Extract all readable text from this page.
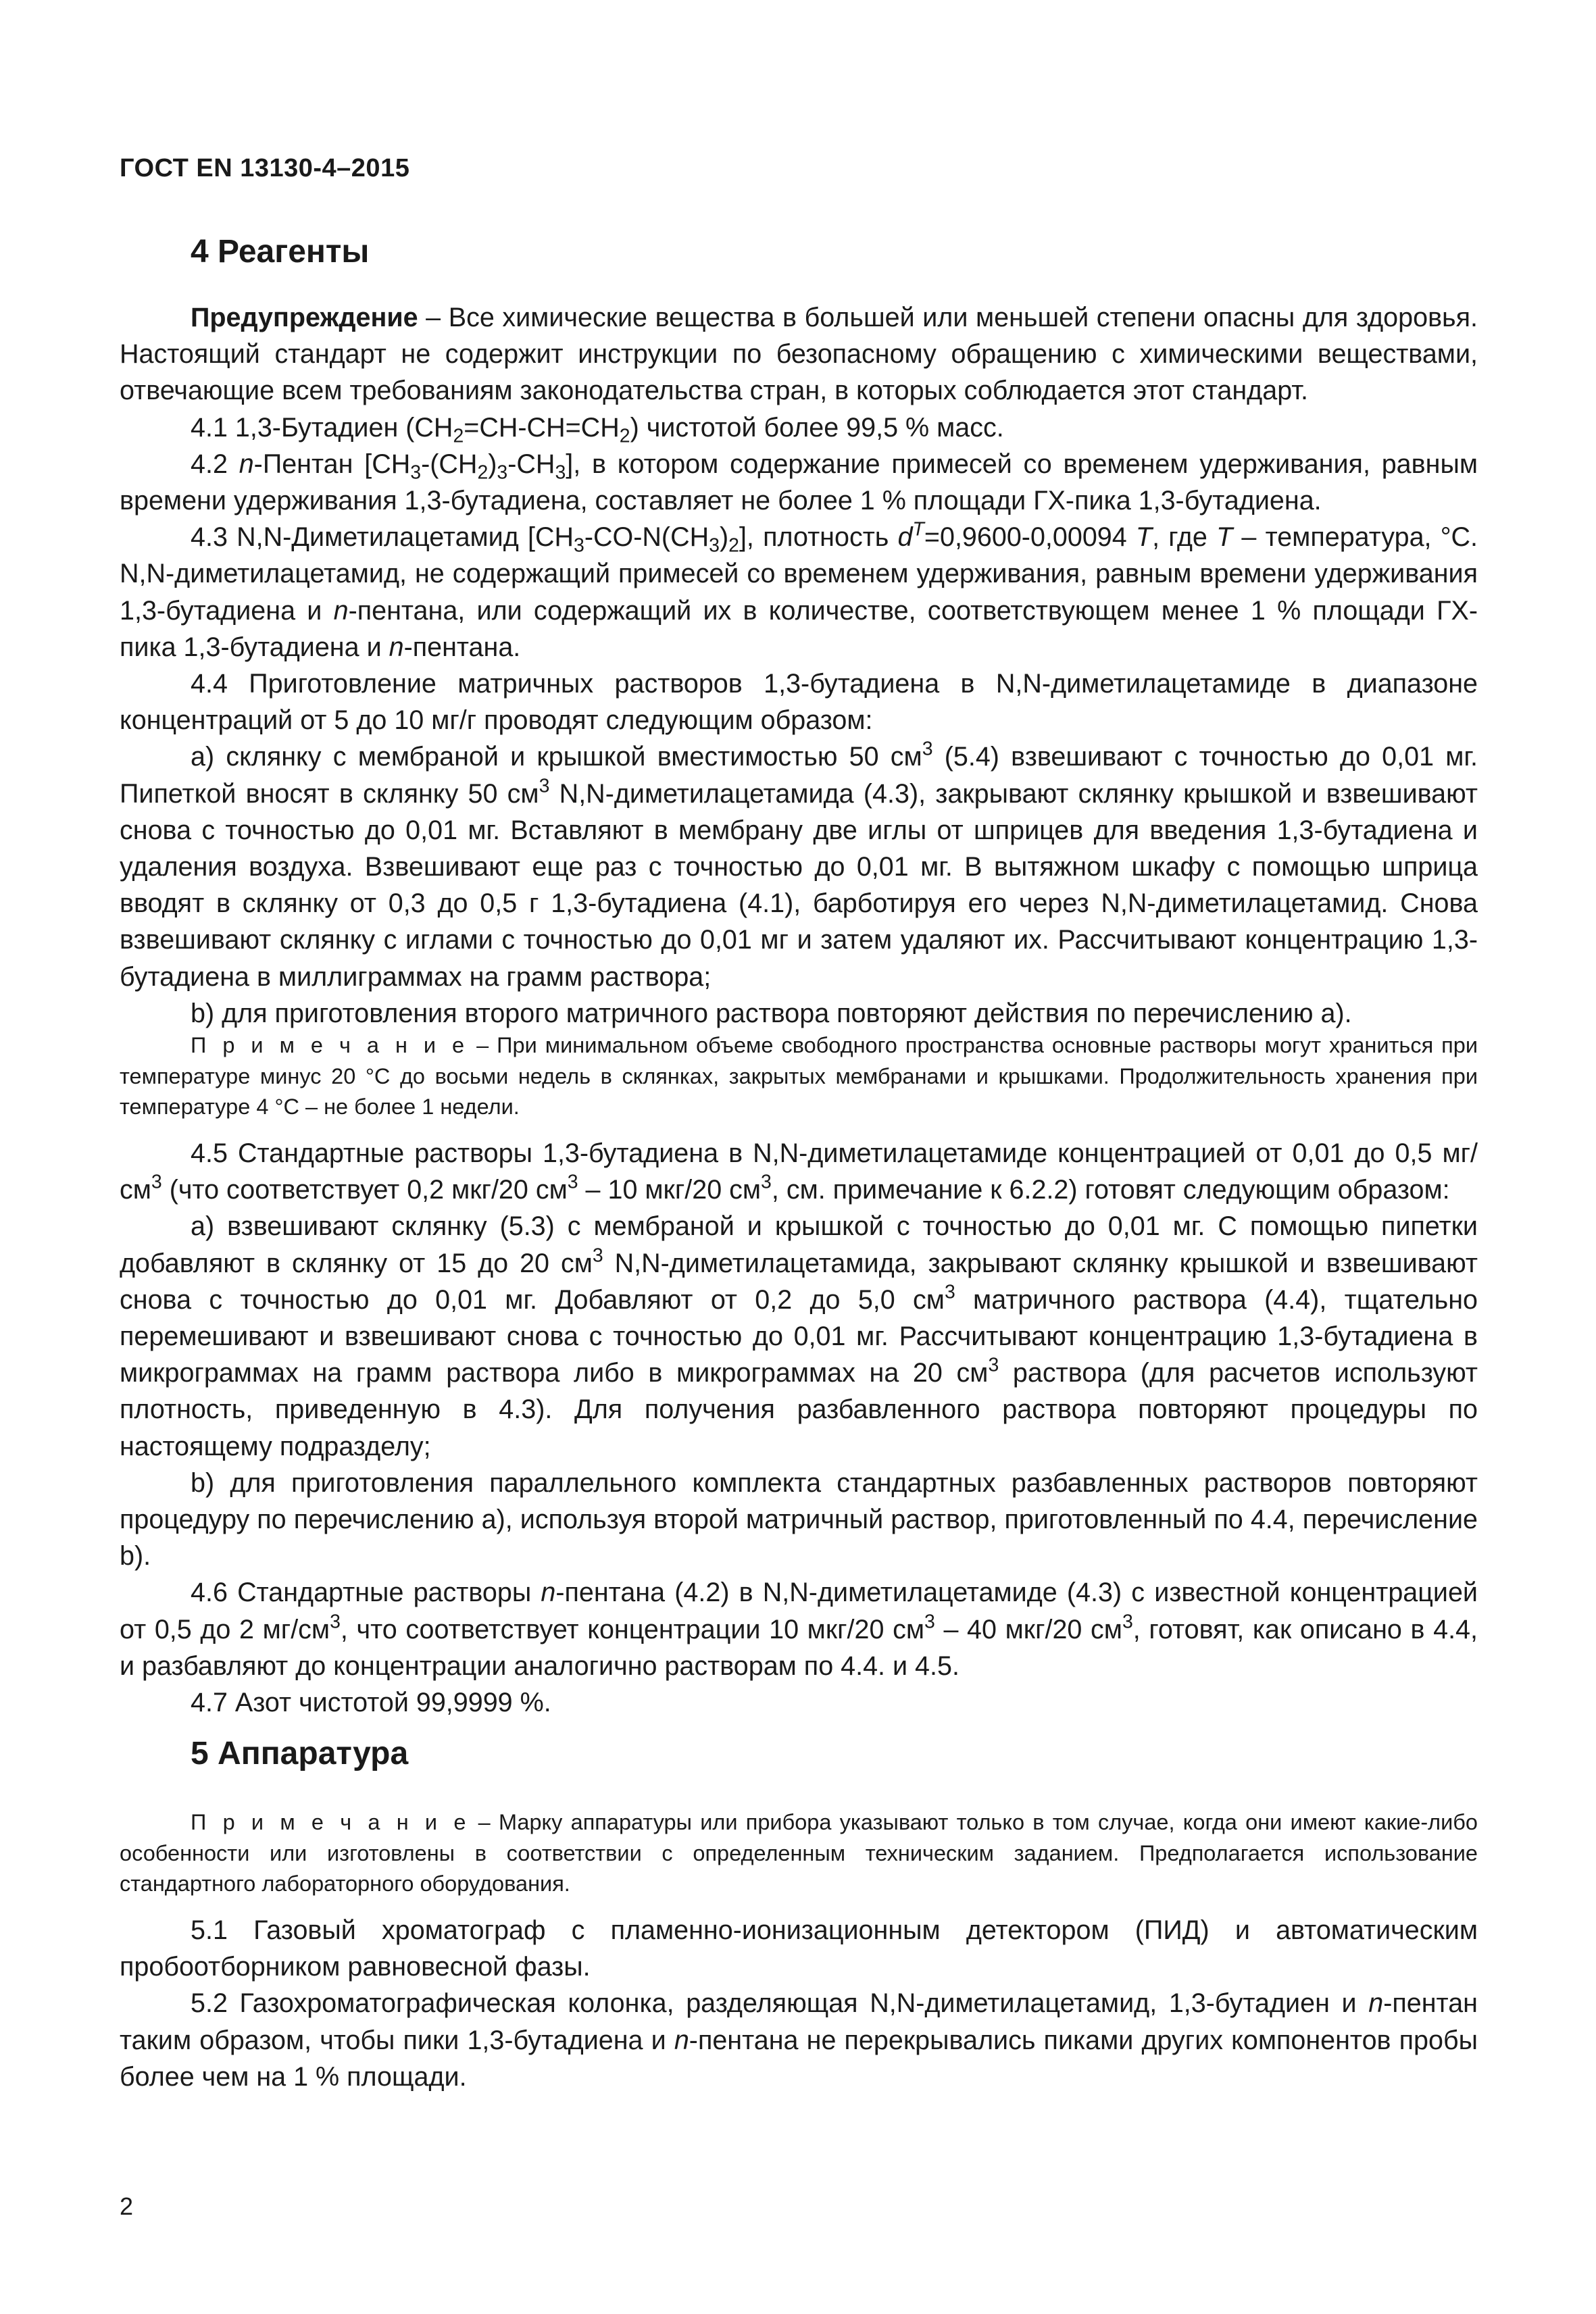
ГОСТ EN 13130-4–2015
4 Реагенты

Предупреждение – Все химические вещества в большей или меньшей степени опасны для здоровья. Настоящий стандарт не содержит инструкции по безопасному обращению с химическими веществами, отвечающие всем требованиям законодательства стран, в которых соблюдается этот стандарт.

4.1 1,3-Бутадиен $(CH_2=CH-CH=CH_2)$ чистотой более 99,5 % масс.

4.2 n-Пентан $[CH_3-(CH_2)_3-CH_3]$, в котором содержание примесей со временем удерживания, равным времени удерживания 1,3-бутадиена, составляет не более 1 % площади ГХ-пика 1,3-бутадиена.

4.3 N,N-Диметилацетамид $[CH_3-CO-N(CH_3)_2]$, плотность $d^T=0,9600-0,00094$ T, где T – температура, °C. N,N-диметилацетамид, не содержащий примесей со временем удерживания, равным времени удерживания 1,3-бутадиена и n-пентана, или содержащий их в количестве, соответствующем менее 1 % площади ГХ-пика 1,3-бутадиена и n-пентана.

4.4 Приготовление матричных растворов 1,3-бутадиена в N,N-диметилацетамиде в диапазоне концентраций от 5 до 10 мг/г проводят следующим образом:

а) склянку с мембраной и крышкой вместимостью 50 $см^3$ (5.4) взвешивают с точностью до 0,01 мг. Пипеткой вносят в склянку 50 $см^3$ N,N-диметилацетамида (4.3), закрывают склянку крышкой и взвешивают снова с точностью до 0,01 мг. Вставляют в мембрану две иглы от шприцев для введения 1,3-бутадиена и удаления воздуха. Взвешивают еще раз с точностью до 0,01 мг. В вытяжном шкафу с помощью шприца вводят в склянку от 0,3 до 0,5 г 1,3-бутадиена (4.1), барботируя его через N,N-диметилацетамид. Снова взвешивают склянку с иглами с точностью до 0,01 мг и затем удаляют их. Рассчитывают концентрацию 1,3-бутадиена в миллиграммах на грамм раствора;

b) для приготовления второго матричного раствора повторяют действия по перечислению а).

П р и м е ч а н и е – При минимальном объеме свободного пространства основные растворы могут храниться при температуре минус 20 °C до восьми недель в склянках, закрытых мембранами и крышками. Продолжительность хранения при температуре 4 °C – не более 1 недели.

4.5 Стандартные растворы 1,3-бутадиена в N,N-диметилацетамиде концентрацией от 0,01 до 0,5 $мг/см^3$ (что соответствует 0,2 мкг/20 $см^3 - 10$ мкг/20 $см^3$, см. примечание к 6.2.2) готовят следующим образом:

а) взвешивают склянку (5.3) с мембраной и крышкой с точностью до 0,01 мг. С помощью пипетки добавляют в склянку от 15 до 20 $см^3$ N,N-диметилацетамида, закрывают склянку крышкой и взвешивают снова с точностью до 0,01 мг. Добавляют от 0,2 до 5,0 $см^3$ матричного раствора (4.4), тщательно перемешивают и взвешивают снова с точностью до 0,01 мг. Рассчитывают концентрацию 1,3-бутадиена в микрограммах на грамм раствора либо в микрограммах на 20 $см^3$ раствора (для расчетов используют плотность, приведенную в 4.3). Для получения разбавленного раствора повторяют процедуры по настоящему подразделу;

b) для приготовления параллельного комплекта стандартных разбавленных растворов повторяют процедуру по перечислению а), используя второй матричный раствор, приготовленный по 4.4, перечисление b).

4.6 Стандартные растворы n-пентана (4.2) в N,N-диметилацетамиде (4.3) с известной концентрацией от 0,5 до 2 $мг/см^3$, что соответствует концентрации 10 мкг/20 $см^3 - 40$ мкг/20 $см^3$, готовят, как описано в 4.4, и разбавляют до концентрации аналогично растворам по 4.4. и 4.5.

4.7 Азот чистотой 99,9999 %.

5 Аппаратура

П р и м е ч а н и е – Марку аппаратуры или прибора указывают только в том случае, когда они имеют какие-либо особенности или изготовлены в соответствии с определенным техническим заданием. Предполагается использование стандартного лабораторного оборудования.

5.1 Газовый хроматограф с пламенно-ионизационным детектором (ПИД) и автоматическим пробоотборником равновесной фазы.

5.2 Газохроматографическая колонка, разделяющая N,N-диметилацетамид, 1,3-бутадиен и n-пентан таким образом, чтобы пики 1,3-бутадиена и n-пентана не перекрывались пиками других компонентов пробы более чем на 1 % площади.

2
